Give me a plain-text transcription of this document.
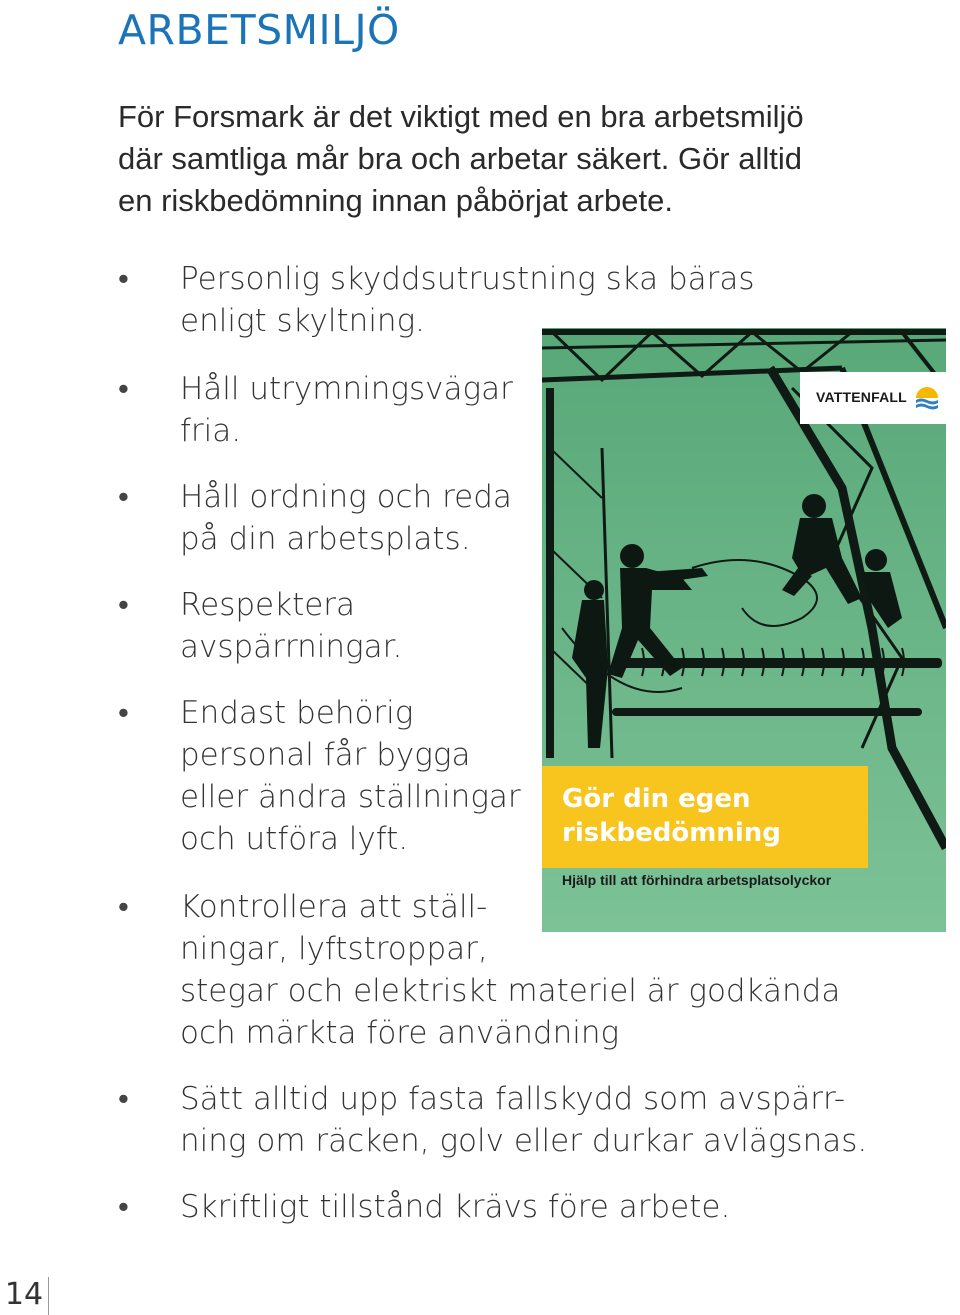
ARBETSMILJÖ

För Forsmark är det viktigt med en bra arbetsmiljö
där samtliga mår bra och arbetar säkert. Gör alltid
en riskbedömning innan påbörjat arbete.

•	Personlig skyddsutrustning ska bäras
enligt skyltning.
•	Håll utrymningsvägar
fria.
•	Håll ordning och reda
på din arbetsplats.
•	Respektera
avspärrningar.
•	Endast behörig
personal får bygga
eller ändra ställningar
och utföra lyft.
•	Kontrollera att ställ-
ningar, lyftstroppar,
stegar och elektriskt materiel är godkända
och märkta före användning
•	Sätt alltid upp fasta fallskydd som avspärr-
ning om räcken, golv eller durkar avlägsnas.
•	Skriftligt tillstånd krävs före arbete.
VATTENFALL
Gör din egen
riskbedömning
Hjälp till att förhindra arbetsplatsolyckor
14
